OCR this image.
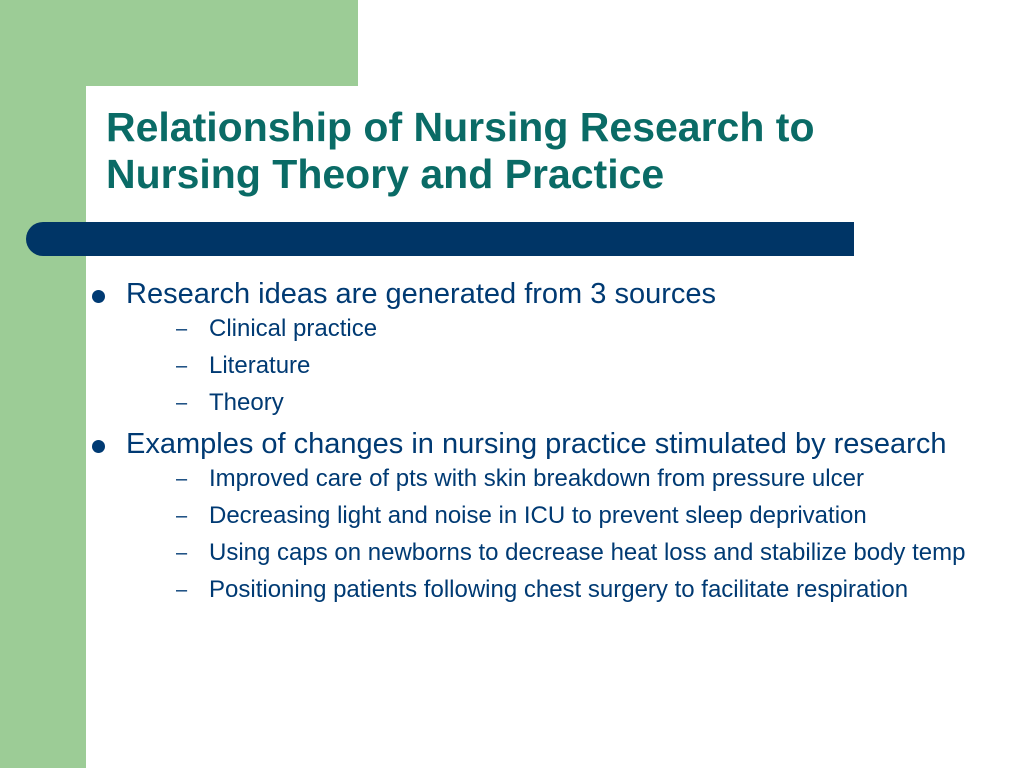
Relationship of Nursing Research to
Nursing Theory and Practice
Research ideas are generated from 3 sources
– Clinical practice
– Literature
– Theory
Examples of changes in nursing practice stimulated by research
– Improved care of pts with skin breakdown from pressure ulcer
– Decreasing light and noise in ICU to prevent sleep deprivation
– Using caps on newborns to decrease heat loss and stabilize body temp
– Positioning patients following chest surgery to facilitate respiration
